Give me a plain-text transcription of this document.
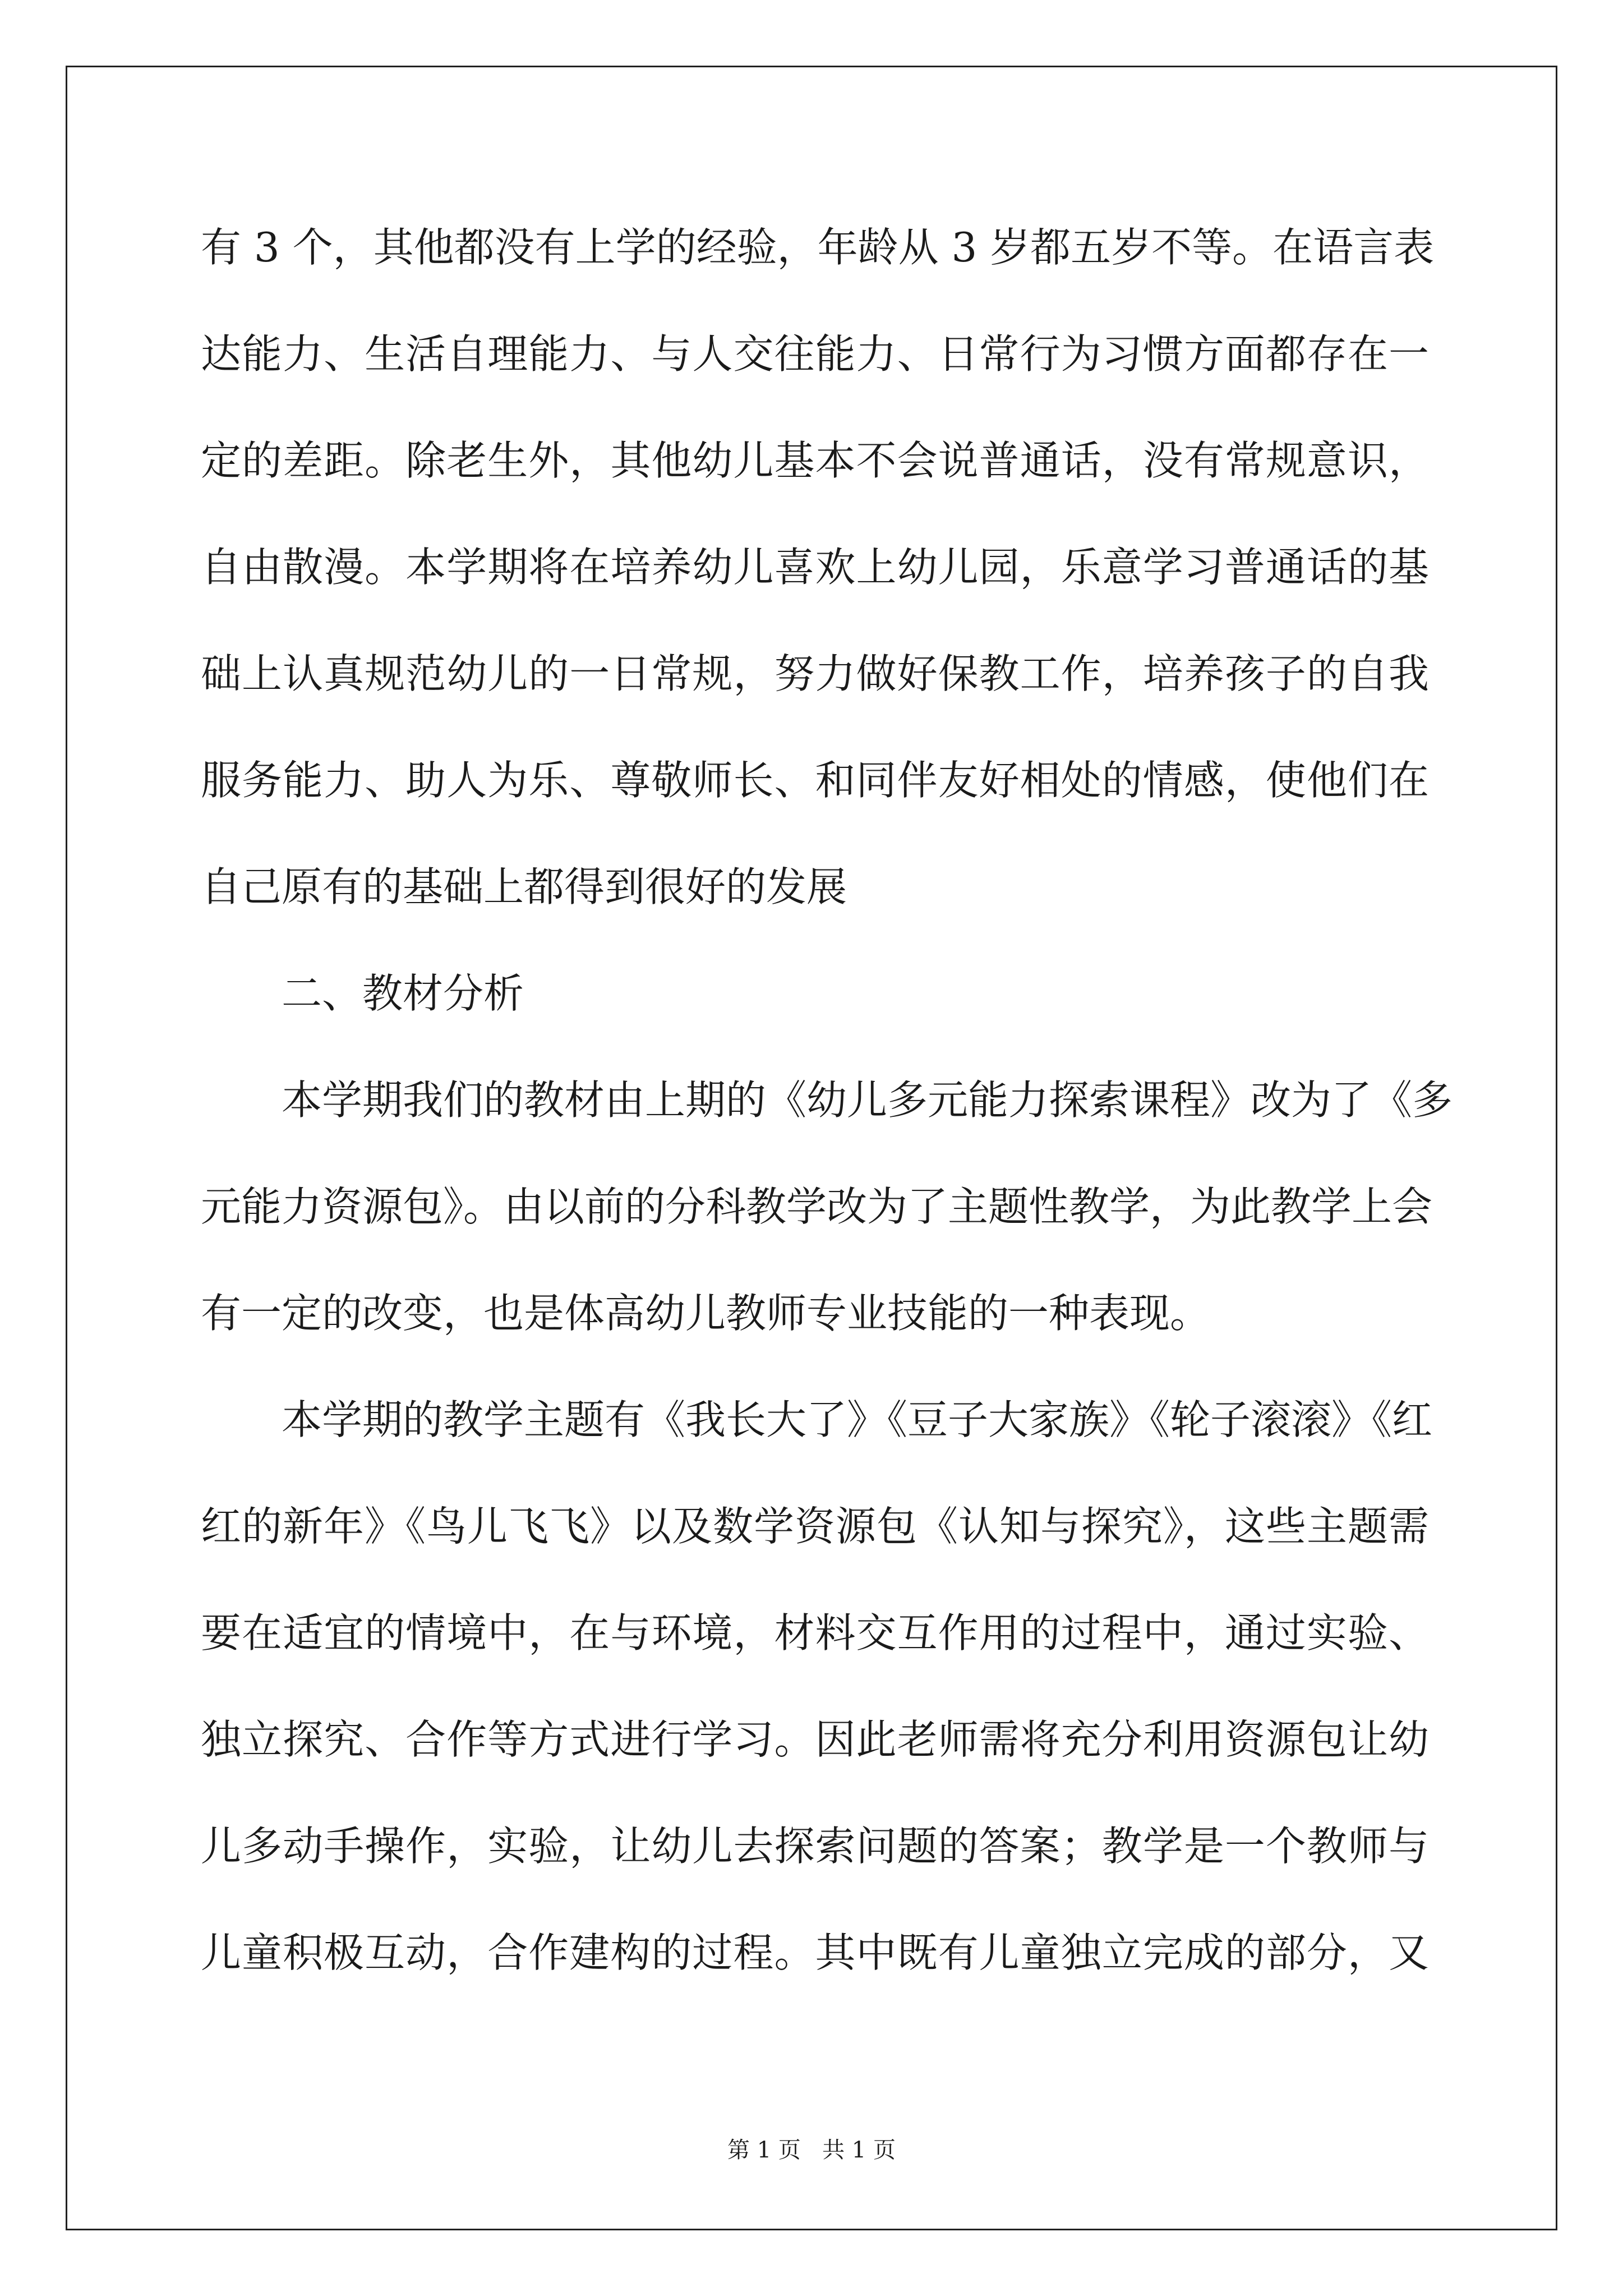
有 3 个，其他都没有上学的经验，年龄从 3 岁都五岁不等。在语言表
达能力、生活自理能力、与人交往能力、日常行为习惯方面都存在一
定的差距。除老生外，其他幼儿基本不会说普通话，没有常规意识，
自由散漫。本学期将在培养幼儿喜欢上幼儿园，乐意学习普通话的基
础上认真规范幼儿的一日常规，努力做好保教工作，培养孩子的自我
服务能力、助人为乐、尊敬师长、和同伴友好相处的情感，使他们在
自己原有的基础上都得到很好的发展
二、教材分析
本学期我们的教材由上期的《幼儿多元能力探索课程》改为了《多
元能力资源包》。由以前的分科教学改为了主题性教学，为此教学上会
有一定的改变，也是体高幼儿教师专业技能的一种表现。
本学期的教学主题有《我长大了》《豆子大家族》《轮子滚滚》《红
红的新年》《鸟儿飞飞》以及数学资源包《认知与探究》，这些主题需
要在适宜的情境中，在与环境，材料交互作用的过程中，通过实验、
独立探究、合作等方式进行学习。因此老师需将充分利用资源包让幼
儿多动手操作，实验，让幼儿去探索问题的答案；教学是一个教师与
儿童积极互动，合作建构的过程。其中既有儿童独立完成的部分，又
第 1 页 共 1 页
